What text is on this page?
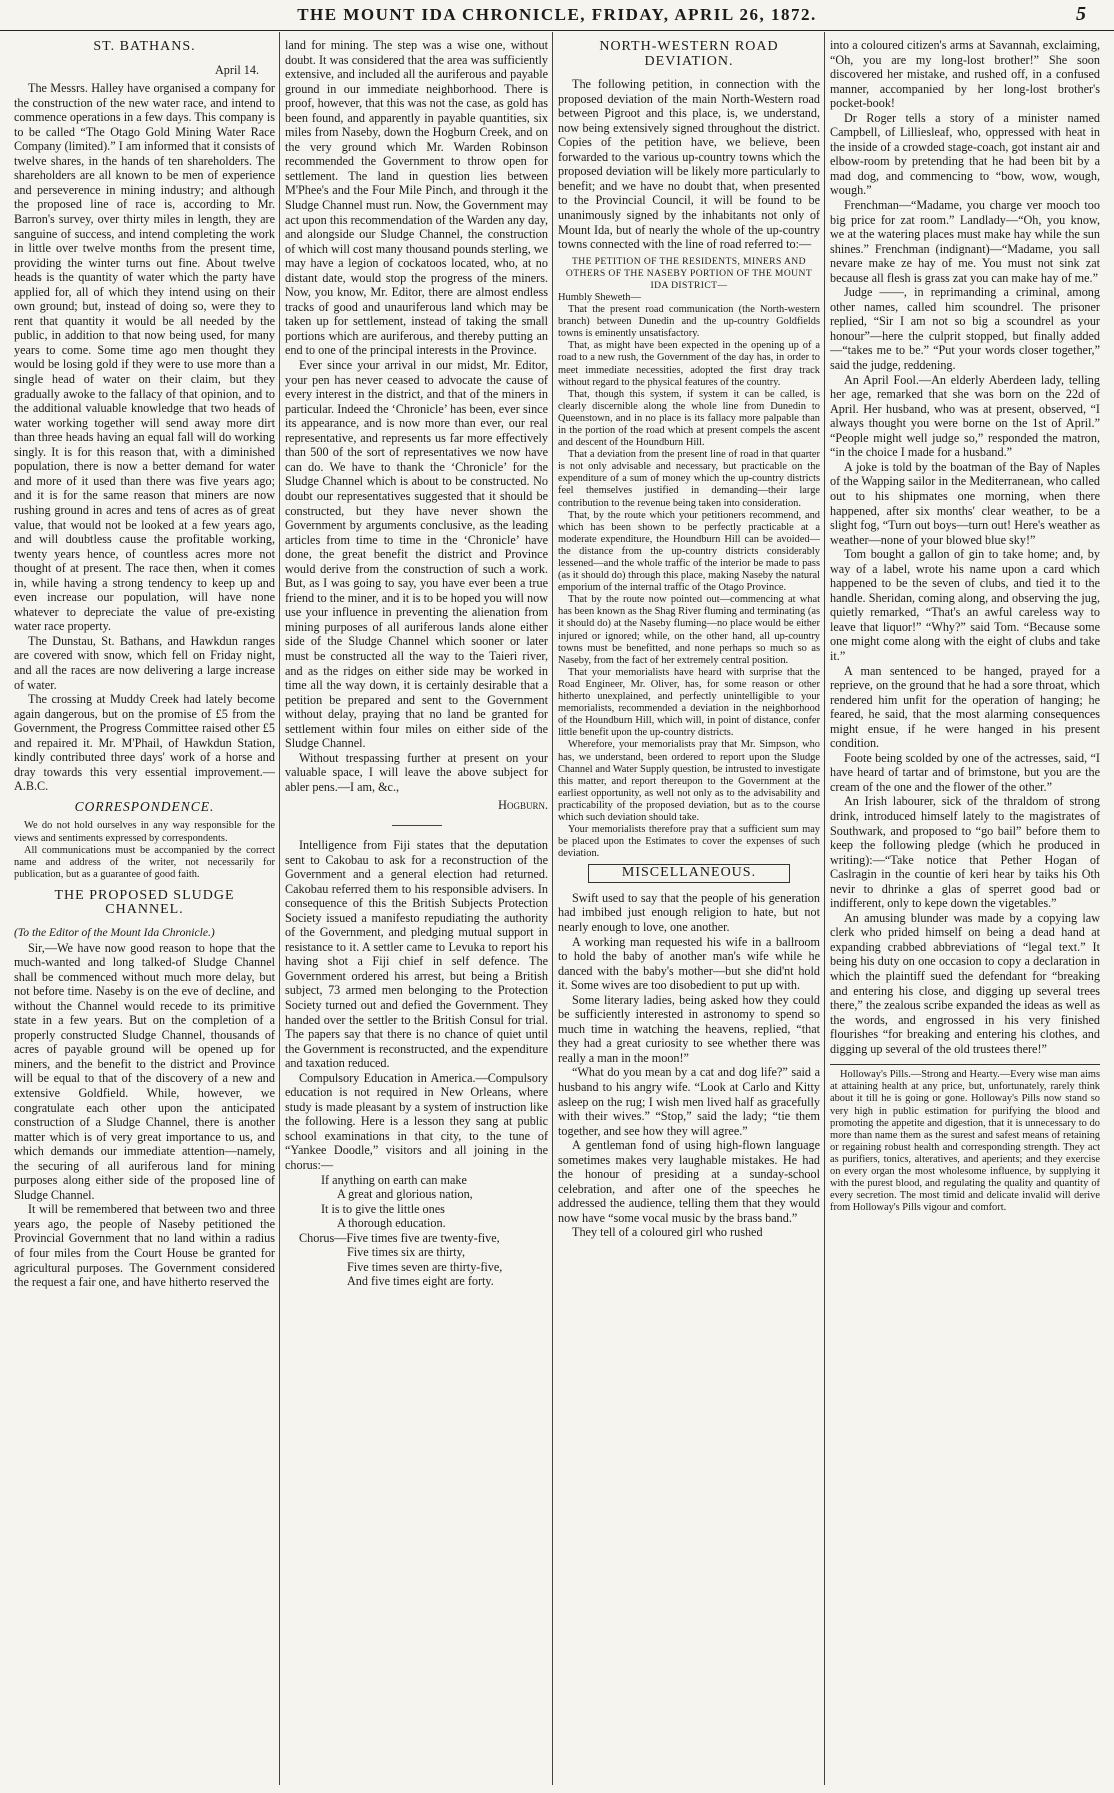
THE MOUNT IDA CHRONICLE, FRIDAY, APRIL 26, 1872.	5
ST. BATHANS.
April 14.

The Messrs. Halley have organised a company for the construction of the new water race, and intend to commence operations in a few days. This company is to be called “The Otago Gold Mining Water Race Company (limited).” I am informed that it consists of twelve shares, in the hands of ten shareholders. The shareholders are all known to be men of experience and perseverence in mining industry; and although the proposed line of race is, according to Mr. Barron's survey, over thirty miles in length, they are sanguine of success, and intend completing the work in little over twelve months from the present time, providing the winter turns out fine. About twelve heads is the quantity of water which the party have applied for, all of which they intend using on their own ground; but, instead of doing so, were they to rent that quantity it would be all needed by the public, in addition to that now being used, for many years to come. Some time ago men thought they would be losing gold if they were to use more than a single head of water on their claim, but they gradually awoke to the fallacy of that opinion, and to the additional valuable knowledge that two heads of water working together will send away more dirt than three heads having an equal fall will do working singly. It is for this reason that, with a diminished population, there is now a better demand for water and more of it used than there was five years ago; and it is for the same reason that miners are now rushing ground in acres and tens of acres as of great value, that would not be looked at a few years ago, and will doubtless cause the profitable working, twenty years hence, of countless acres more not thought of at present. The race then, when it comes in, while having a strong tendency to keep up and even increase our population, will have none whatever to depreciate the value of pre-existing water race property.

The Dunstau, St. Bathans, and Hawkdun ranges are covered with snow, which fell on Friday night, and all the races are now delivering a large increase of water.

The crossing at Muddy Creek had lately become again dangerous, but on the promise of £5 from the Government, the Progress Committee raised other £5 and repaired it. Mr. M'Phail, of Hawkdun Station, kindly contributed three days' work of a horse and dray towards this very essential improvement.—A.B.C.

CORRESPONDENCE.

We do not hold ourselves in any way responsible for the views and sentiments expressed by correspondents.

All communications must be accompanied by the correct name and address of the writer, not necessarily for publication, but as a guarantee of good faith.

THE PROPOSED SLUDGE CHANNEL.

(To the Editor of the Mount Ida Chronicle.)

Sir,—We have now good reason to hope that the much-wanted and long talked-of Sludge Channel shall be commenced without much more delay, but not before time. Naseby is on the eve of decline, and without the Channel would recede to its primitive state in a few years. But on the completion of a properly constructed Sludge Channel, thousands of acres of payable ground will be opened up for miners, and the benefit to the district and Province will be equal to that of the discovery of a new and extensive Goldfield. While, however, we congratulate each other upon the anticipated construction of a Sludge Channel, there is another matter which is of very great importance to us, and which demands our immediate attention—namely, the securing of all auriferous land for mining purposes along either side of the proposed line of Sludge Channel.

It will be remembered that between two and three years ago, the people of Naseby petitioned the Provincial Government that no land within a radius of four miles from the Court House be granted for agricultural purposes. The Government considered the request a fair one, and have hitherto reserved the

land for mining. The step was a wise one, without doubt. It was considered that the area was sufficiently extensive, and included all the auriferous and payable ground in our immediate neighborhood. There is proof, however, that this was not the case, as gold has been found, and apparently in payable quantities, six miles from Naseby, down the Hogburn Creek, and on the very ground which Mr. Warden Robinson recommended the Government to throw open for settlement. The land in question lies between M'Phee's and the Four Mile Pinch, and through it the Sludge Channel must run. Now, the Government may act upon this recommendation of the Warden any day, and alongside our Sludge Channel, the construction of which will cost many thousand pounds sterling, we may have a legion of cockatoos located, who, at no distant date, would stop the progress of the miners. Now, you know, Mr. Editor, there are almost endless tracks of good and unauriferous land which may be taken up for settlement, instead of taking the small portions which are auriferous, and thereby putting an end to one of the principal interests in the Province.

Ever since your arrival in our midst, Mr. Editor, your pen has never ceased to advocate the cause of every interest in the district, and that of the miners in particular. Indeed the ‘Chronicle’ has been, ever since its appearance, and is now more than ever, our real representative, and represents us far more effectively than 500 of the sort of representatives we now have can do. We have to thank the ‘Chronicle’ for the Sludge Channel which is about to be constructed. No doubt our representatives suggested that it should be constructed, but they have never shown the Government by arguments conclusive, as the leading articles from time to time in the ‘Chronicle’ have done, the great benefit the district and Province would derive from the construction of such a work. But, as I was going to say, you have ever been a true friend to the miner, and it is to be hoped you will now use your influence in preventing the alienation from mining purposes of all auriferous lands alone either side of the Sludge Channel which sooner or later must be constructed all the way to the Taieri river, and as the ridges on either side may be worked in time all the way down, it is certainly desirable that a petition be prepared and sent to the Government without delay, praying that no land be granted for settlement within four miles on either side of the Sludge Channel.

Without trespassing further at present on your valuable space, I will leave the above subject for abler pens.—I am, &c.,

Hogburn.

Intelligence from Fiji states that the deputation sent to Cakobau to ask for a reconstruction of the Government and a general election had returned. Cakobau referred them to his responsible advisers. In consequence of this the British Subjects Protection Society issued a manifesto repudiating the authority of the Government, and pledging mutual support in resistance to it. A settler came to Levuka to report his having shot a Fiji chief in self defence. The Government ordered his arrest, but being a British subject, 73 armed men belonging to the Protection Society turned out and defied the Government. They handed over the settler to the British Consul for trial. The papers say that there is no chance of quiet until the Government is reconstructed, and the expenditure and taxation reduced.

Compulsory Education in America.—Compulsory education is not required in New Orleans, where study is made pleasant by a system of instruction like the following. Here is a lesson they sang at public school examinations in that city, to the tune of “Yankee Doodle,” visitors and all joining in the chorus:—

If anything on earth can make

A great and glorious nation,

It is to give the little ones

A thorough education.

Chorus—Five times five are twenty-five,

Five times six are thirty,

Five times seven are thirty-five,

And five times eight are forty.

NORTH-WESTERN ROAD DEVIATION.

The following petition, in connection with the proposed deviation of the main North-Western road between Pigroot and this place, is, we understand, now being extensively signed throughout the district. Copies of the petition have, we believe, been forwarded to the various up-country towns which the proposed deviation will be likely more particularly to benefit; and we have no doubt that, when presented to the Provincial Council, it will be found to be unanimously signed by the inhabitants not only of Mount Ida, but of nearly the whole of the up-country towns connected with the line of road referred to:—

THE PETITION OF THE RESIDENTS, MINERS AND OTHERS OF THE NASEBY PORTION OF THE MOUNT IDA DISTRICT—

Humbly Sheweth—

That the present road communication (the North-western branch) between Dunedin and the up-country Goldfields towns is eminently unsatisfactory.

That, as might have been expected in the opening up of a road to a new rush, the Government of the day has, in order to meet immediate necessities, adopted the first dray track without regard to the physical features of the country.

That, though this system, if system it can be called, is clearly discernible along the whole line from Dunedin to Queenstown, and in no place is its fallacy more palpable than in the portion of the road which at present compels the ascent and descent of the Houndburn Hill.

That a deviation from the present line of road in that quarter is not only advisable and necessary, but practicable on the expenditure of a sum of money which the up-country districts feel themselves justified in demanding—their large contribution to the revenue being taken into consideration.

That, by the route which your petitioners recommend, and which has been shown to be perfectly practicable at a moderate expenditure, the Houndburn Hill can be avoided—the distance from the up-country districts considerably lessened—and the whole traffic of the interior be made to pass (as it should do) through this place, making Naseby the natural emporium of the internal traffic of the Otago Province.

That by the route now pointed out—commencing at what has been known as the Shag River fluming and terminating (as it should do) at the Naseby fluming—no place would be either injured or ignored; while, on the other hand, all up-country towns must be benefitted, and none perhaps so much so as Naseby, from the fact of her extremely central position.

That your memorialists have heard with surprise that the Road Engineer, Mr. Oliver, has, for some reason or other hitherto unexplained, and perfectly unintelligible to your memorialists, recommended a deviation in the neighborhood of the Houndburn Hill, which will, in point of distance, confer little benefit upon the up-country districts.

Wherefore, your memorialists pray that Mr. Simpson, who has, we understand, been ordered to report upon the Sludge Channel and Water Supply question, be intrusted to investigate this matter, and report thereupon to the Government at the earliest opportunity, as well not only as to the advisability and practicability of the proposed deviation, but as to the course which such deviation should take.

Your memorialists therefore pray that a sufficient sum may be placed upon the Estimates to cover the expenses of such deviation.

MISCELLANEOUS.

Swift used to say that the people of his generation had imbibed just enough religion to hate, but not nearly enough to love, one another.

A working man requested his wife in a ballroom to hold the baby of another man's wife while he danced with the baby's mother—but she did'nt hold it. Some wives are too disobedient to put up with.

Some literary ladies, being asked how they could be sufficiently interested in astronomy to spend so much time in watching the heavens, replied, “that they had a great curiosity to see whether there was really a man in the moon!”

“What do you mean by a cat and dog life?” said a husband to his angry wife. “Look at Carlo and Kitty asleep on the rug; I wish men lived half as gracefully with their wives.” “Stop,” said the lady; “tie them together, and see how they will agree.”

A gentleman fond of using high-flown language sometimes makes very laughable mistakes. He had the honour of presiding at a sunday-school celebration, and after one of the speeches he addressed the audience, telling them that they would now have “some vocal music by the brass band.”

They tell of a coloured girl who rushed

into a coloured citizen's arms at Savannah, exclaiming, “Oh, you are my long-lost brother!” She soon discovered her mistake, and rushed off, in a confused manner, accompanied by her long-lost brother's pocket-book!

Dr Roger tells a story of a minister named Campbell, of Lilliesleaf, who, oppressed with heat in the inside of a crowded stage-coach, got instant air and elbow-room by pretending that he had been bit by a mad dog, and commencing to “bow, wow, wough, wough.”

Frenchman—“Madame, you charge ver mooch too big price for zat room.” Landlady—“Oh, you know, we at the watering places must make hay while the sun shines.” Frenchman (indignant)—“Madame, you sall nevare make ze hay of me. You must not sink zat because all flesh is grass zat you can make hay of me.”

Judge ——, in reprimanding a criminal, among other names, called him scoundrel. The prisoner replied, “Sir I am not so big a scoundrel as your honour”—here the culprit stopped, but finally added—“takes me to be.” “Put your words closer together,” said the judge, reddening.

An April Fool.—An elderly Aberdeen lady, telling her age, remarked that she was born on the 22d of April. Her husband, who was at present, observed, “I always thought you were borne on the 1st of April.” “People might well judge so,” responded the matron, “in the choice I made for a husband.”

A joke is told by the boatman of the Bay of Naples of the Wapping sailor in the Mediterranean, who called out to his shipmates one morning, when there happened, after six months' clear weather, to be a slight fog, “Turn out boys—turn out! Here's weather as weather—none of your blowed blue sky!”

Tom bought a gallon of gin to take home; and, by way of a label, wrote his name upon a card which happened to be the seven of clubs, and tied it to the handle. Sheridan, coming along, and observing the jug, quietly remarked, “That's an awful careless way to leave that liquor!” “Why?” said Tom. “Because some one might come along with the eight of clubs and take it.”

A man sentenced to be hanged, prayed for a reprieve, on the ground that he had a sore throat, which rendered him unfit for the operation of hanging; he feared, he said, that the most alarming consequences might ensue, if he were hanged in his present condition.

Foote being scolded by one of the actresses, said, “I have heard of tartar and of brimstone, but you are the cream of the one and the flower of the other.”

An Irish labourer, sick of the thraldom of strong drink, introduced himself lately to the magistrates of Southwark, and proposed to “go bail” before them to keep the following pledge (which he produced in writing):—“Take notice that Pether Hogan of Caslragin in the countie of keri hear by taiks his Oth nevir to dhrinke a glas of sperret good bad or indifferent, only to kepe down the vigetables.”

An amusing blunder was made by a copying law clerk who prided himself on being a dead hand at expanding crabbed abbreviations of “legal text.” It being his duty on one occasion to copy a declaration in which the plaintiff sued the defendant for “breaking and entering his close, and digging up several trees there,” the zealous scribe expanded the ideas as well as the words, and engrossed in his very finished flourishes “for breaking and entering his clothes, and digging up several of the old trustees there!”

Holloway's Pills.—Strong and Hearty.—Every wise man aims at attaining health at any price, but, unfortunately, rarely think about it till he is going or gone. Holloway's Pills now stand so very high in public estimation for purifying the blood and promoting the appetite and digestion, that it is unnecessary to do more than name them as the surest and safest means of retaining or regaining robust health and corresponding strength. They act as purifiers, tonics, alteratives, and aperients; and they exercise on every organ the most wholesome influence, by supplying it with the purest blood, and regulating the quality and quantity of every secretion. The most timid and delicate invalid will derive from Holloway's Pills vigour and comfort.
